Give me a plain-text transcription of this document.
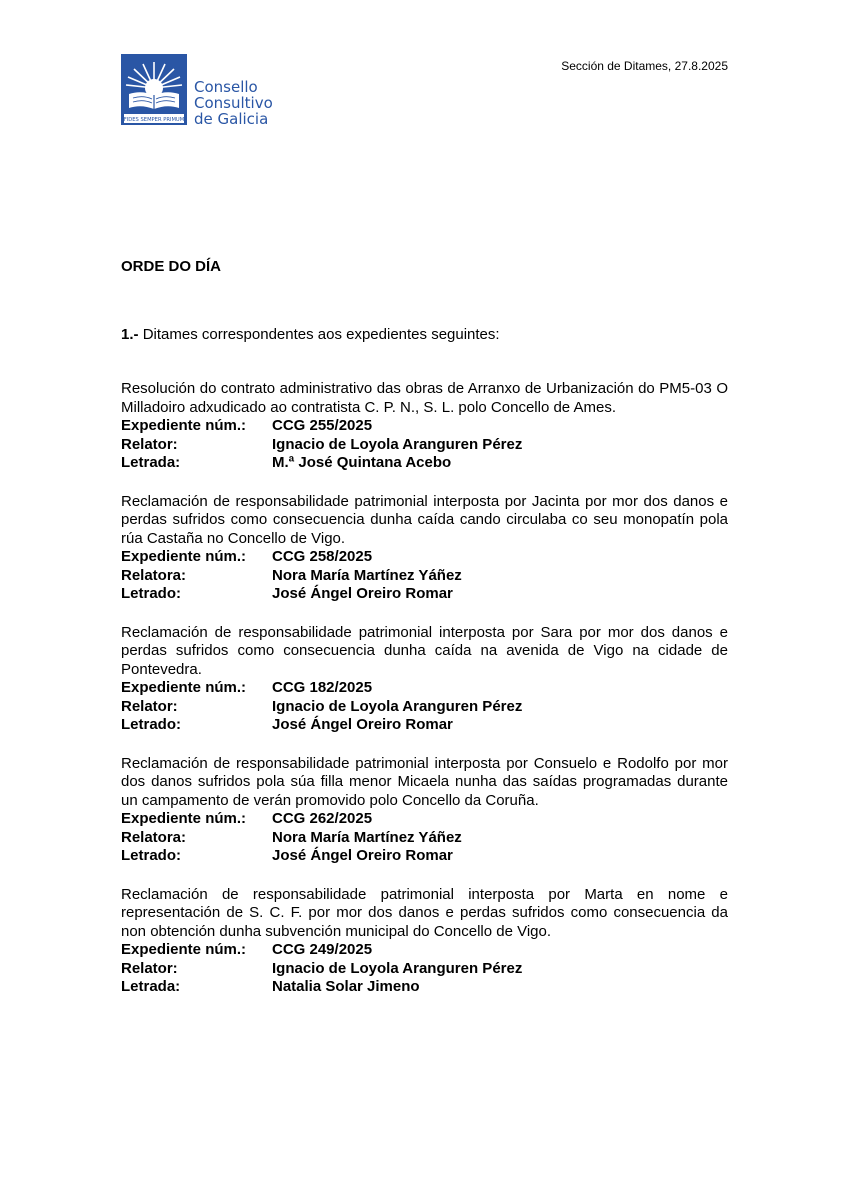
FIDES SEMPER PRIMUM
Consello
Consultivo
de Galicia
Sección de Ditames, 27.8.2025
ORDE DO DÍA
1.- Ditames correspondentes aos expedientes seguintes:
Resolución do contrato administrativo das obras de Arranxo de Urbanización do PM5-03 O Milladoiro adxudicado ao contratista C. P. N., S. L. polo Concello de Ames.
Expediente núm.:	CCG 255/2025
Relator:	Ignacio de Loyola Aranguren Pérez
Letrada:	M.ª José Quintana Acebo
Reclamación de responsabilidade patrimonial interposta por Jacinta por mor dos danos e perdas sufridos como consecuencia dunha caída cando circulaba co seu monopatín pola rúa Castaña no Concello de Vigo.
Expediente núm.:	CCG 258/2025
Relatora:	Nora María Martínez Yáñez
Letrado:	José Ángel Oreiro Romar
Reclamación de responsabilidade patrimonial interposta por Sara por mor dos danos e perdas sufridos como consecuencia dunha caída na avenida de Vigo na cidade de Pontevedra.
Expediente núm.:	CCG 182/2025
Relator:	Ignacio de Loyola Aranguren Pérez
Letrado:	José Ángel Oreiro Romar
Reclamación de responsabilidade patrimonial interposta por Consuelo e Rodolfo por mor dos danos sufridos pola súa filla menor Micaela nunha das saídas programadas durante un campamento de verán promovido polo Concello da Coruña.
Expediente núm.:	CCG 262/2025
Relatora:	Nora María Martínez Yáñez
Letrado:	José Ángel Oreiro Romar
Reclamación de responsabilidade patrimonial interposta por Marta en nome e representación de S. C. F. por mor dos danos e perdas sufridos como consecuencia da non obtención dunha subvención municipal do Concello de Vigo.
Expediente núm.:	CCG 249/2025
Relator:	Ignacio de Loyola Aranguren Pérez
Letrada:	Natalia Solar Jimeno
